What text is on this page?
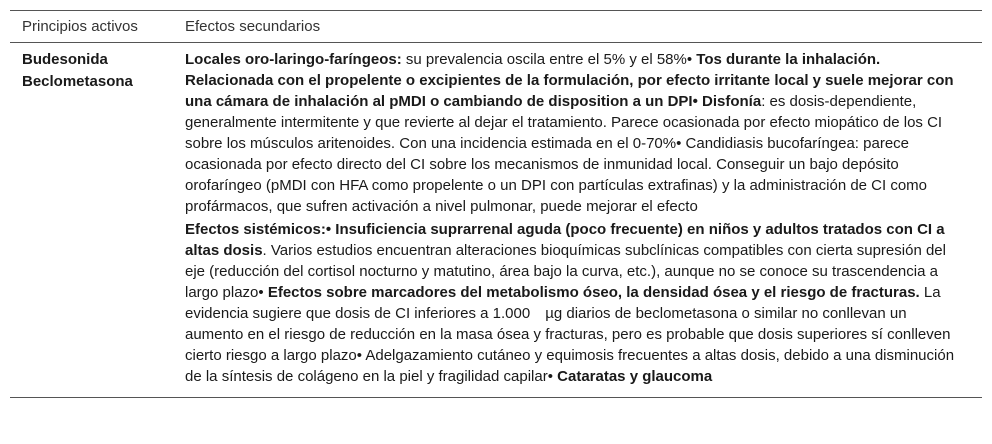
Principios activos	Efectos secundarios
Budesonida
Beclometasona

Locales oro-laringo-faríngeos: su prevalencia oscila entre el 5% y el 58%• Tos durante la inhalación. Relacionada con el propelente o excipientes de la formulación, por efecto irritante local y suele mejorar con una cámara de inhalación al pMDI o cambiando de disposition a un DPI• Disfonía: es dosis-dependiente, generalmente intermitente y que revierte al dejar el tratamiento. Parece ocasionada por efecto miopático de los CI sobre los músculos aritenoides. Con una incidencia estimada en el 0-70%• Candidiasis bucofaríngea: parece ocasionada por efecto directo del CI sobre los mecanismos de inmunidad local. Conseguir un bajo depósito orofaríngeo (pMDI con HFA como propelente o un DPI con partículas extrafinas) y la administración de CI como profármacos, que sufren activación a nivel pulmonar, puede mejorar el efecto

Efectos sistémicos:• Insuficiencia suprarrenal aguda (poco frecuente) en niños y adultos tratados con CI a altas dosis. Varios estudios encuentran alteraciones bioquímicas subclínicas compatibles con cierta supresión del eje (reducción del cortisol nocturno y matutino, área bajo la curva, etc.), aunque no se conoce su trascendencia a largo plazo• Efectos sobre marcadores del metabolismo óseo, la densidad ósea y el riesgo de fracturas. La evidencia sugiere que dosis de CI inferiores a 1.000 µg diarios de beclometasona o similar no conllevan un aumento en el riesgo de reducción en la masa ósea y fracturas, pero es probable que dosis superiores sí conlleven cierto riesgo a largo plazo• Adelgazamiento cutáneo y equimosis frecuentes a altas dosis, debido a una disminución de la síntesis de colágeno en la piel y fragilidad capilar• Cataratas y glaucoma
